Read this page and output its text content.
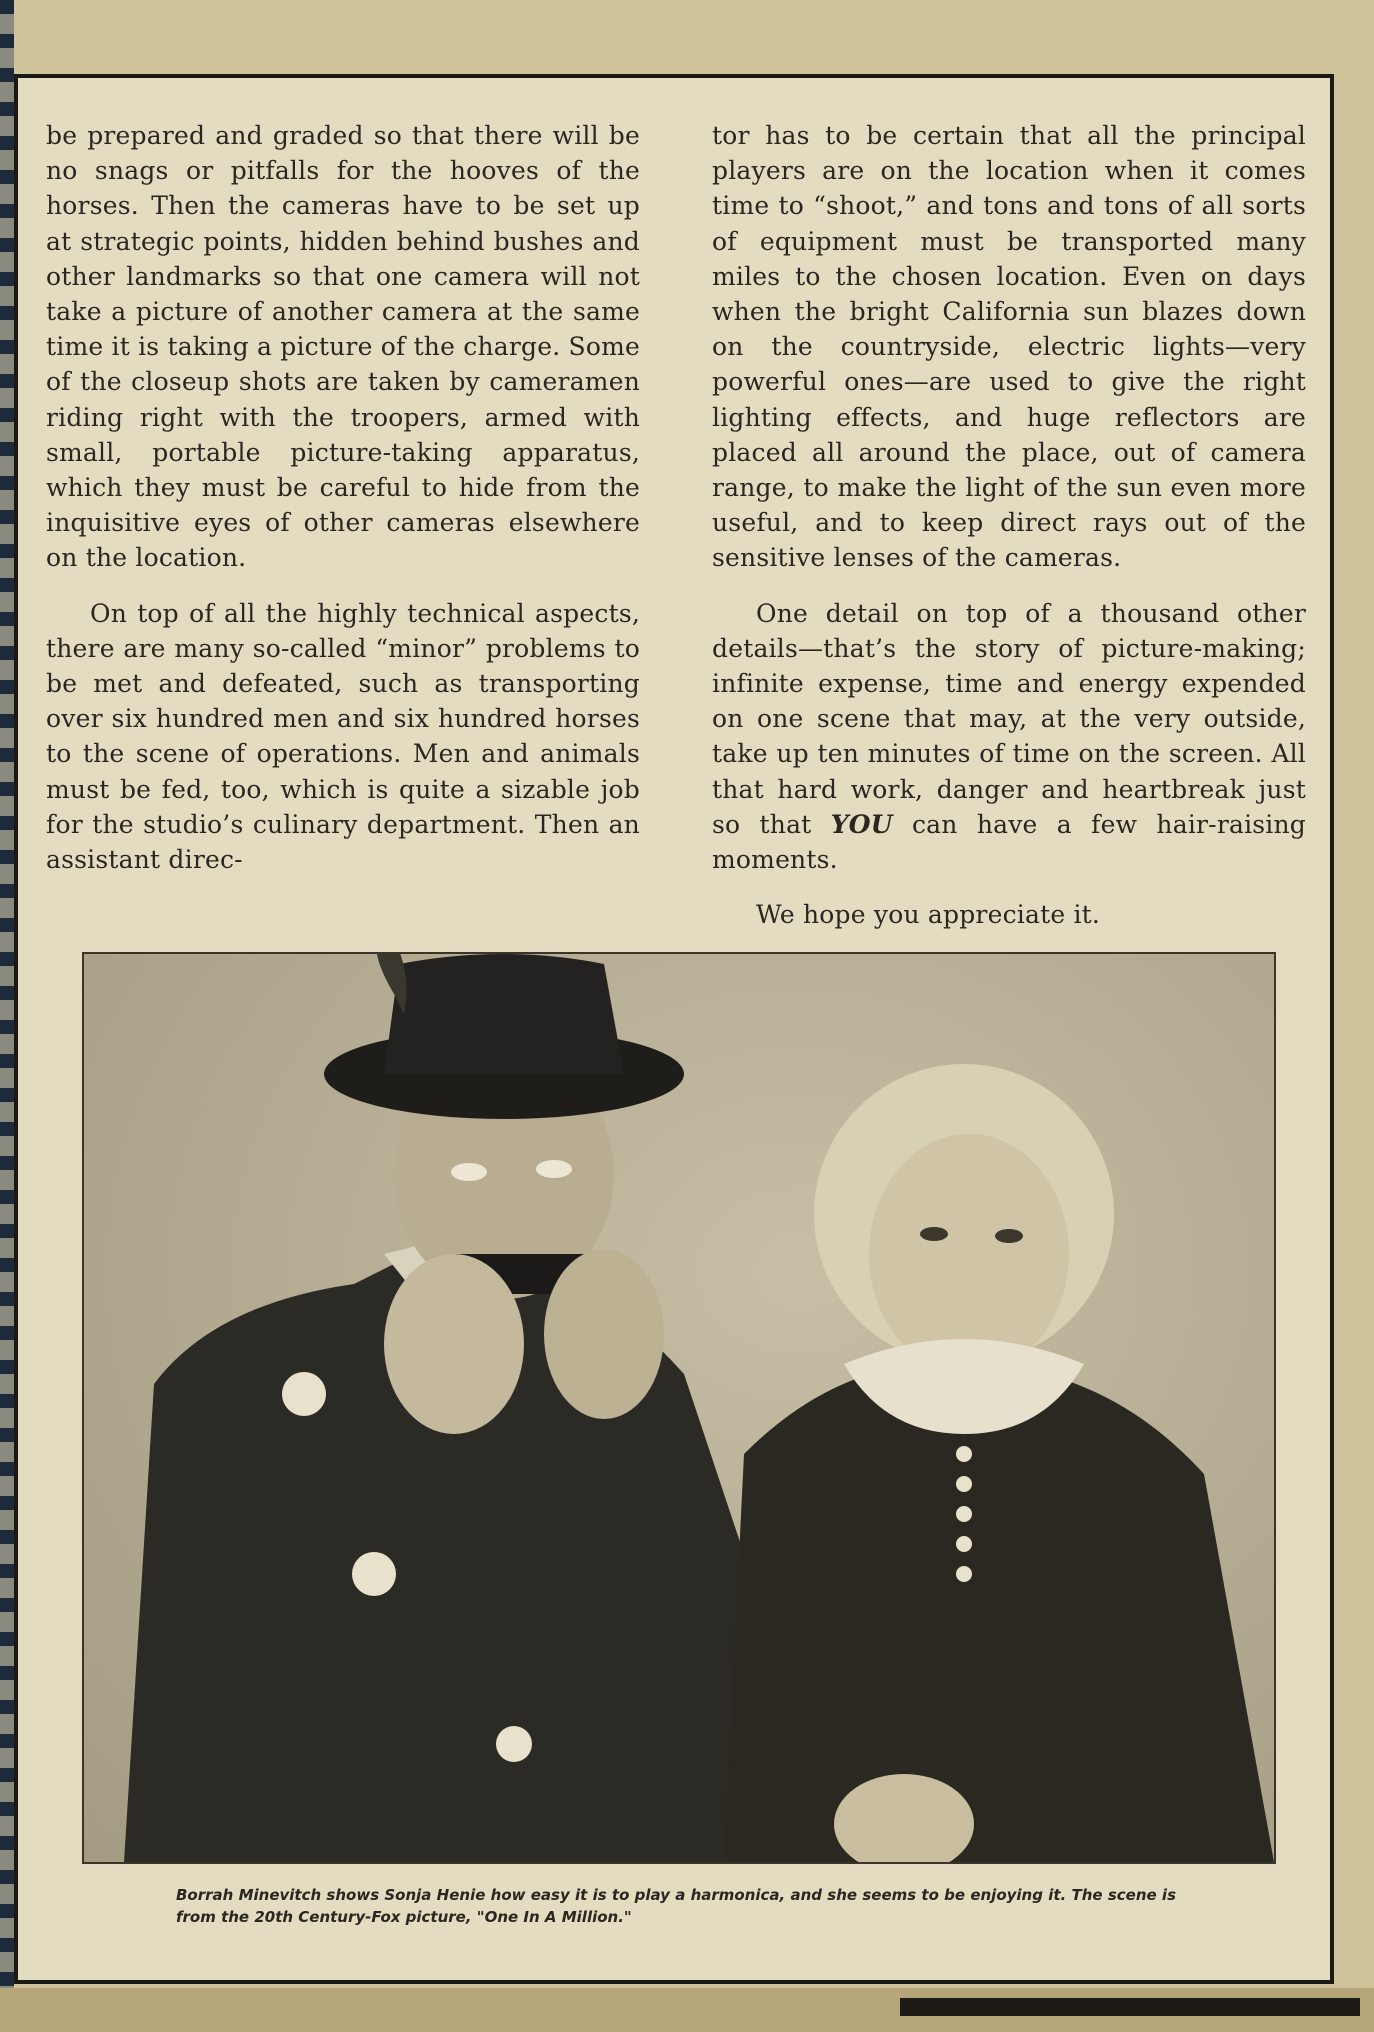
be prepared and graded so that there will be no snags or pitfalls for the hooves of the horses. Then the cameras have to be set up at strategic points, hidden behind bushes and other landmarks so that one camera will not take a picture of another camera at the same time it is taking a picture of the charge. Some of the closeup shots are taken by cameramen riding right with the troopers, armed with small, portable picture-taking apparatus, which they must be careful to hide from the inquisitive eyes of other cameras elsewhere on the location.

On top of all the highly technical aspects, there are many so-called “minor” problems to be met and defeated, such as transporting over six hundred men and six hundred horses to the scene of operations. Men and animals must be fed, too, which is quite a sizable job for the studio’s culinary department. Then an assistant direc-

tor has to be certain that all the principal players are on the location when it comes time to “shoot,” and tons and tons of all sorts of equipment must be transported many miles to the chosen location. Even on days when the bright California sun blazes down on the countryside, electric lights—very powerful ones—are used to give the right lighting effects, and huge reflectors are placed all around the place, out of camera range, to make the light of the sun even more useful, and to keep direct rays out of the sensitive lenses of the cameras.

One detail on top of a thousand other details—that’s the story of picture-making; infinite expense, time and energy expended on one scene that may, at the very outside, take up ten minutes of time on the screen. All that hard work, danger and heartbreak just so that YOU can have a few hair-raising moments.

We hope you appreciate it.

Borrah Minevitch shows Sonja Henie how easy it is to play a harmonica, and she seems to be enjoying it. The scene is from the 20th Century-Fox picture, "One In A Million."
